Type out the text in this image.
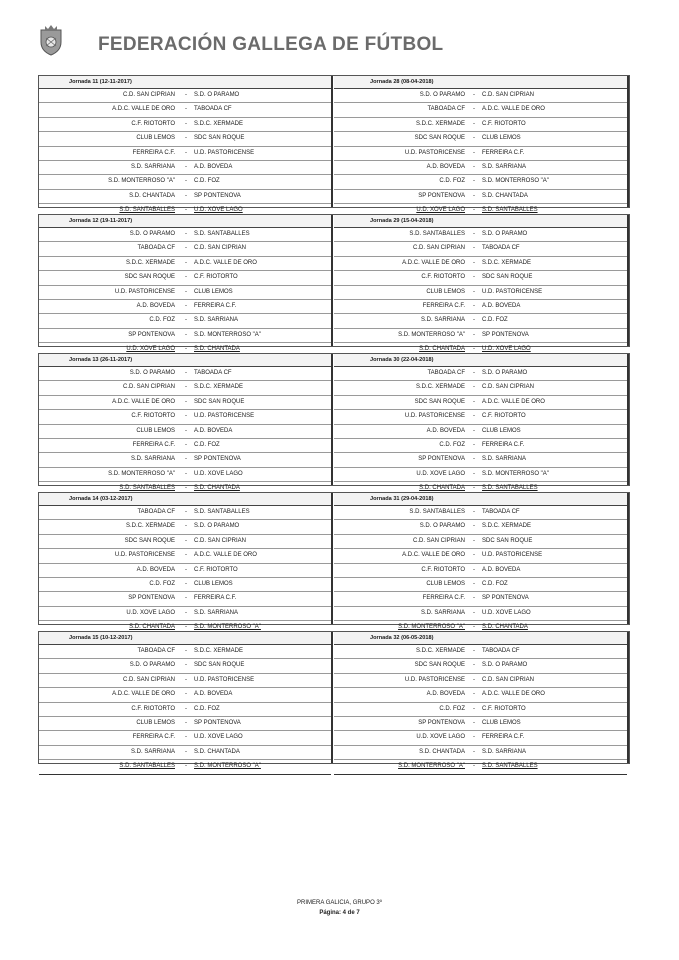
FEDERACIÓN GALLEGA DE FÚTBOL
Jornada 11 (12-11-2017)
C.D. SAN CIPRIAN	-	S.D. O PARAMO
A.D.C. VALLE DE ORO	-	TABOADA CF
C.F. RIOTORTO	-	S.D.C. XERMADE
CLUB LEMOS	-	SDC SAN ROQUE
FERREIRA C.F.	-	U.D. PASTORICENSE
S.D. SARRIANA	-	A.D. BOVEDA
S.D. MONTERROSO "A"	-	C.D. FOZ
S.D. CHANTADA	-	SP PONTENOVA
S.D. SANTABALLES	-	U.D. XOVE LAGO
Jornada 28 (08-04-2018)
S.D. O PARAMO	-	C.D. SAN CIPRIAN
TABOADA CF	-	A.D.C. VALLE DE ORO
S.D.C. XERMADE	-	C.F. RIOTORTO
SDC SAN ROQUE	-	CLUB LEMOS
U.D. PASTORICENSE	-	FERREIRA C.F.
A.D. BOVEDA	-	S.D. SARRIANA
C.D. FOZ	-	S.D. MONTERROSO "A"
SP PONTENOVA	-	S.D. CHANTADA
U.D. XOVE LAGO	-	S.D. SANTABALLES
Jornada 12 (19-11-2017)
S.D. O PARAMO	-	S.D. SANTABALLES
TABOADA CF	-	C.D. SAN CIPRIAN
S.D.C. XERMADE	-	A.D.C. VALLE DE ORO
SDC SAN ROQUE	-	C.F. RIOTORTO
U.D. PASTORICENSE	-	CLUB LEMOS
A.D. BOVEDA	-	FERREIRA C.F.
C.D. FOZ	-	S.D. SARRIANA
SP PONTENOVA	-	S.D. MONTERROSO "A"
U.D. XOVE LAGO	-	S.D. CHANTADA
Jornada 29 (15-04-2018)
S.D. SANTABALLES	-	S.D. O PARAMO
C.D. SAN CIPRIAN	-	TABOADA CF
A.D.C. VALLE DE ORO	-	S.D.C. XERMADE
C.F. RIOTORTO	-	SDC SAN ROQUE
CLUB LEMOS	-	U.D. PASTORICENSE
FERREIRA C.F.	-	A.D. BOVEDA
S.D. SARRIANA	-	C.D. FOZ
S.D. MONTERROSO "A"	-	SP PONTENOVA
S.D. CHANTADA	-	U.D. XOVE LAGO
Jornada 13 (26-11-2017)
S.D. O PARAMO	-	TABOADA CF
C.D. SAN CIPRIAN	-	S.D.C. XERMADE
A.D.C. VALLE DE ORO	-	SDC SAN ROQUE
C.F. RIOTORTO	-	U.D. PASTORICENSE
CLUB LEMOS	-	A.D. BOVEDA
FERREIRA C.F.	-	C.D. FOZ
S.D. SARRIANA	-	SP PONTENOVA
S.D. MONTERROSO "A"	-	U.D. XOVE LAGO
S.D. SANTABALLES	-	S.D. CHANTADA
Jornada 30 (22-04-2018)
TABOADA CF	-	S.D. O PARAMO
S.D.C. XERMADE	-	C.D. SAN CIPRIAN
SDC SAN ROQUE	-	A.D.C. VALLE DE ORO
U.D. PASTORICENSE	-	C.F. RIOTORTO
A.D. BOVEDA	-	CLUB LEMOS
C.D. FOZ	-	FERREIRA C.F.
SP PONTENOVA	-	S.D. SARRIANA
U.D. XOVE LAGO	-	S.D. MONTERROSO "A"
S.D. CHANTADA	-	S.D. SANTABALLES
Jornada 14 (03-12-2017)
TABOADA CF	-	S.D. SANTABALLES
S.D.C. XERMADE	-	S.D. O PARAMO
SDC SAN ROQUE	-	C.D. SAN CIPRIAN
U.D. PASTORICENSE	-	A.D.C. VALLE DE ORO
A.D. BOVEDA	-	C.F. RIOTORTO
C.D. FOZ	-	CLUB LEMOS
SP PONTENOVA	-	FERREIRA C.F.
U.D. XOVE LAGO	-	S.D. SARRIANA
S.D. CHANTADA	-	S.D. MONTERROSO "A"
Jornada 31 (29-04-2018)
S.D. SANTABALLES	-	TABOADA CF
S.D. O PARAMO	-	S.D.C. XERMADE
C.D. SAN CIPRIAN	-	SDC SAN ROQUE
A.D.C. VALLE DE ORO	-	U.D. PASTORICENSE
C.F. RIOTORTO	-	A.D. BOVEDA
CLUB LEMOS	-	C.D. FOZ
FERREIRA C.F.	-	SP PONTENOVA
S.D. SARRIANA	-	U.D. XOVE LAGO
S.D. MONTERROSO "A"	-	S.D. CHANTADA
Jornada 15 (10-12-2017)
TABOADA CF	-	S.D.C. XERMADE
S.D. O PARAMO	-	SDC SAN ROQUE
C.D. SAN CIPRIAN	-	U.D. PASTORICENSE
A.D.C. VALLE DE ORO	-	A.D. BOVEDA
C.F. RIOTORTO	-	C.D. FOZ
CLUB LEMOS	-	SP PONTENOVA
FERREIRA C.F.	-	U.D. XOVE LAGO
S.D. SARRIANA	-	S.D. CHANTADA
S.D. SANTABALLES	-	S.D. MONTERROSO "A"
Jornada 32 (06-05-2018)
S.D.C. XERMADE	-	TABOADA CF
SDC SAN ROQUE	-	S.D. O PARAMO
U.D. PASTORICENSE	-	C.D. SAN CIPRIAN
A.D. BOVEDA	-	A.D.C. VALLE DE ORO
C.D. FOZ	-	C.F. RIOTORTO
SP PONTENOVA	-	CLUB LEMOS
U.D. XOVE LAGO	-	FERREIRA C.F.
S.D. CHANTADA	-	S.D. SARRIANA
S.D. MONTERROSO "A"	-	S.D. SANTABALLES
PRIMERA GALICIA, GRUPO 3º
Página: 4 de 7
